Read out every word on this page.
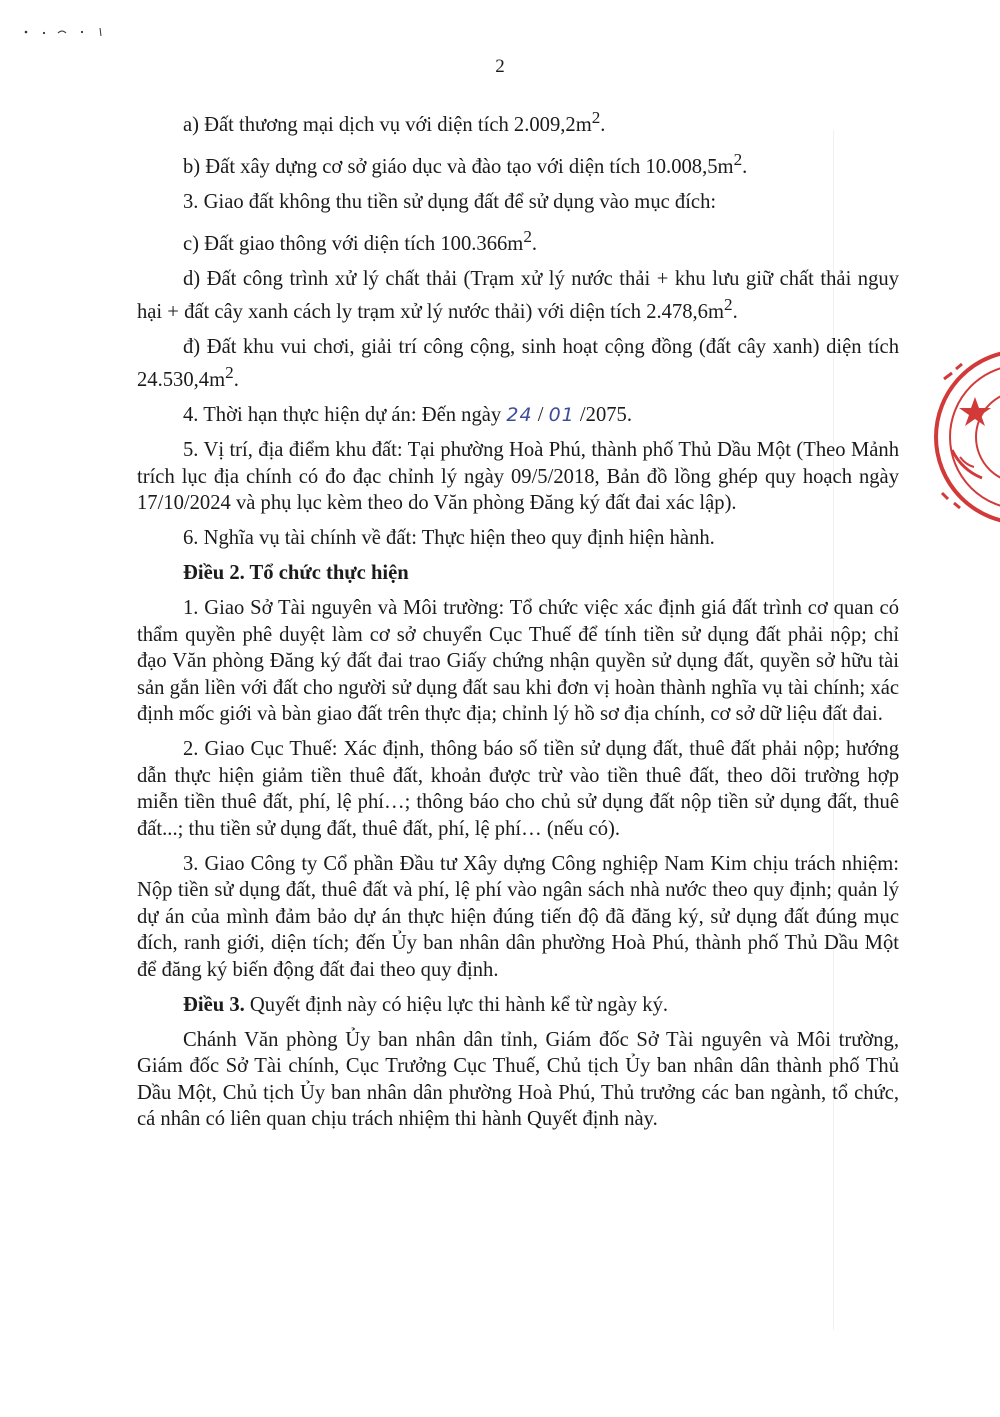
2

a) Đất thương mại dịch vụ với diện tích $2.009,2m^2$.

b) Đất xây dựng cơ sở giáo dục và đào tạo với diện tích $10.008,5m^2$.

3. Giao đất không thu tiền sử dụng đất để sử dụng vào mục đích:

c) Đất giao thông với diện tích $100.366m^2$.

d) Đất công trình xử lý chất thải (Trạm xử lý nước thải + khu lưu giữ chất thải nguy hại + đất cây xanh cách ly trạm xử lý nước thải) với diện tích $2.478,6m^2$.

đ) Đất khu vui chơi, giải trí công cộng, sinh hoạt cộng đồng (đất cây xanh) diện tích $24.530,4m^2$.

4. Thời hạn thực hiện dự án: Đến ngày 24 / 01 /2075.

5. Vị trí, địa điểm khu đất: Tại phường Hoà Phú, thành phố Thủ Dầu Một (Theo Mảnh trích lục địa chính có đo đạc chỉnh lý ngày 09/5/2018, Bản đồ lồng ghép quy hoạch ngày 17/10/2024 và phụ lục kèm theo do Văn phòng Đăng ký đất đai xác lập).

6. Nghĩa vụ tài chính về đất: Thực hiện theo quy định hiện hành.

Điều 2. Tổ chức thực hiện

1. Giao Sở Tài nguyên và Môi trường: Tổ chức việc xác định giá đất trình cơ quan có thẩm quyền phê duyệt làm cơ sở chuyển Cục Thuế để tính tiền sử dụng đất phải nộp; chỉ đạo Văn phòng Đăng ký đất đai trao Giấy chứng nhận quyền sử dụng đất, quyền sở hữu tài sản gắn liền với đất cho người sử dụng đất sau khi đơn vị hoàn thành nghĩa vụ tài chính; xác định mốc giới và bàn giao đất trên thực địa; chỉnh lý hồ sơ địa chính, cơ sở dữ liệu đất đai.

2. Giao Cục Thuế: Xác định, thông báo số tiền sử dụng đất, thuê đất phải nộp; hướng dẫn thực hiện giảm tiền thuê đất, khoản được trừ vào tiền thuê đất, theo dõi trường hợp miễn tiền thuê đất, phí, lệ phí…; thông báo cho chủ sử dụng đất nộp tiền sử dụng đất, thuê đất...; thu tiền sử dụng đất, thuê đất, phí, lệ phí… (nếu có).

3. Giao Công ty Cổ phần Đầu tư Xây dựng Công nghiệp Nam Kim chịu trách nhiệm: Nộp tiền sử dụng đất, thuê đất và phí, lệ phí vào ngân sách nhà nước theo quy định; quản lý dự án của mình đảm bảo dự án thực hiện đúng tiến độ đã đăng ký, sử dụng đất đúng mục đích, ranh giới, diện tích; đến Ủy ban nhân dân phường Hoà Phú, thành phố Thủ Dầu Một để đăng ký biến động đất đai theo quy định.

Điều 3. Quyết định này có hiệu lực thi hành kể từ ngày ký.

Chánh Văn phòng Ủy ban nhân dân tỉnh, Giám đốc Sở Tài nguyên và Môi trường, Giám đốc Sở Tài chính, Cục Trưởng Cục Thuế, Chủ tịch Ủy ban nhân dân thành phố Thủ Dầu Một, Chủ tịch Ủy ban nhân dân phường Hoà Phú, Thủ trưởng các ban ngành, tổ chức, cá nhân có liên quan chịu trách nhiệm thi hành Quyết định này.
